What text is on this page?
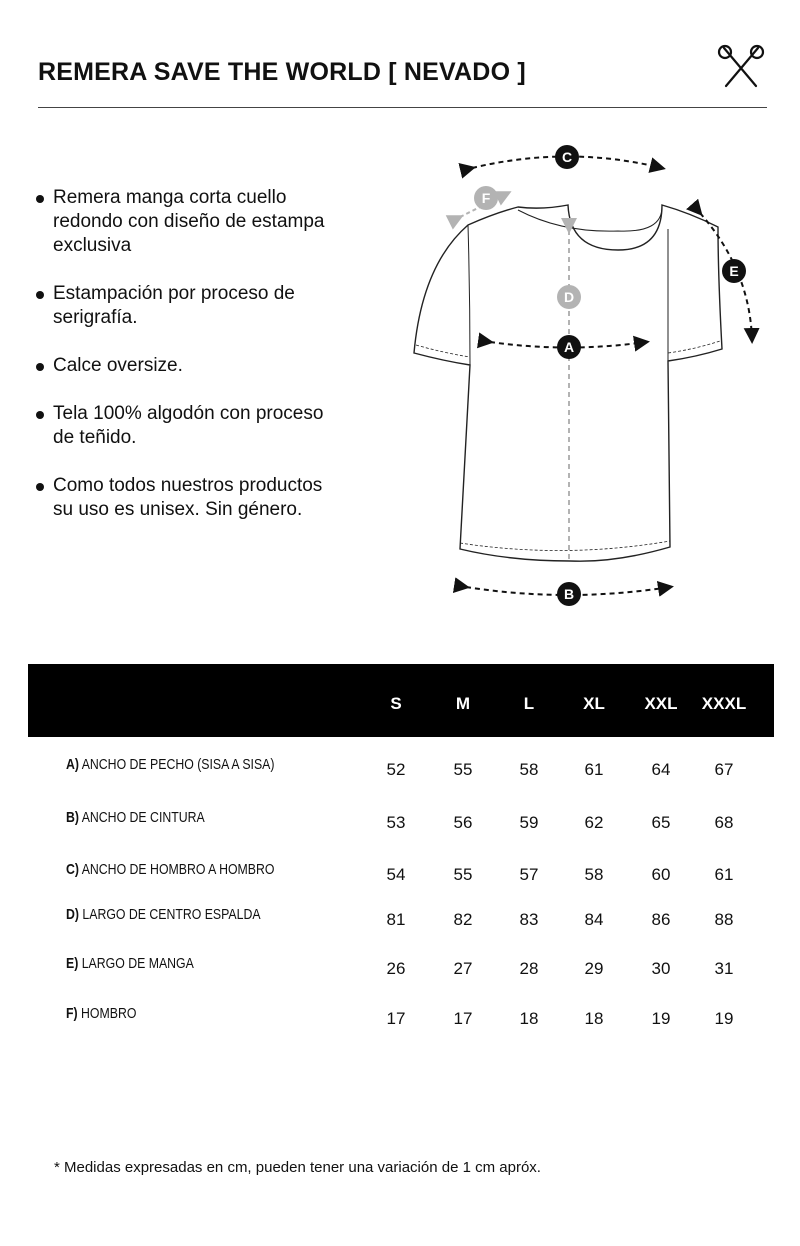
REMERA SAVE THE WORLD [ NEVADO ]
Remera manga corta cuello redondo con diseño de estampa exclusiva
Estampación por proceso de serigrafía.
Calce oversize.
Tela 100% algodón con proceso de teñido.
Como todos nuestros productos su uso es unisex. Sin género.
C
F
D
A
E
B
S	M	L	XL	XXL	XXXL
A) ANCHO DE PECHO (SISA A SISA)	52	55	58	61	64	67
B) ANCHO DE CINTURA	53	56	59	62	65	68
C) ANCHO DE HOMBRO A HOMBRO	54	55	57	58	60	61
D) LARGO DE CENTRO ESPALDA	81	82	83	84	86	88
E) LARGO DE MANGA	26	27	28	29	30	31
F) HOMBRO	17	17	18	18	19	19
* Medidas expresadas en cm, pueden tener una variación de 1 cm apróx.
